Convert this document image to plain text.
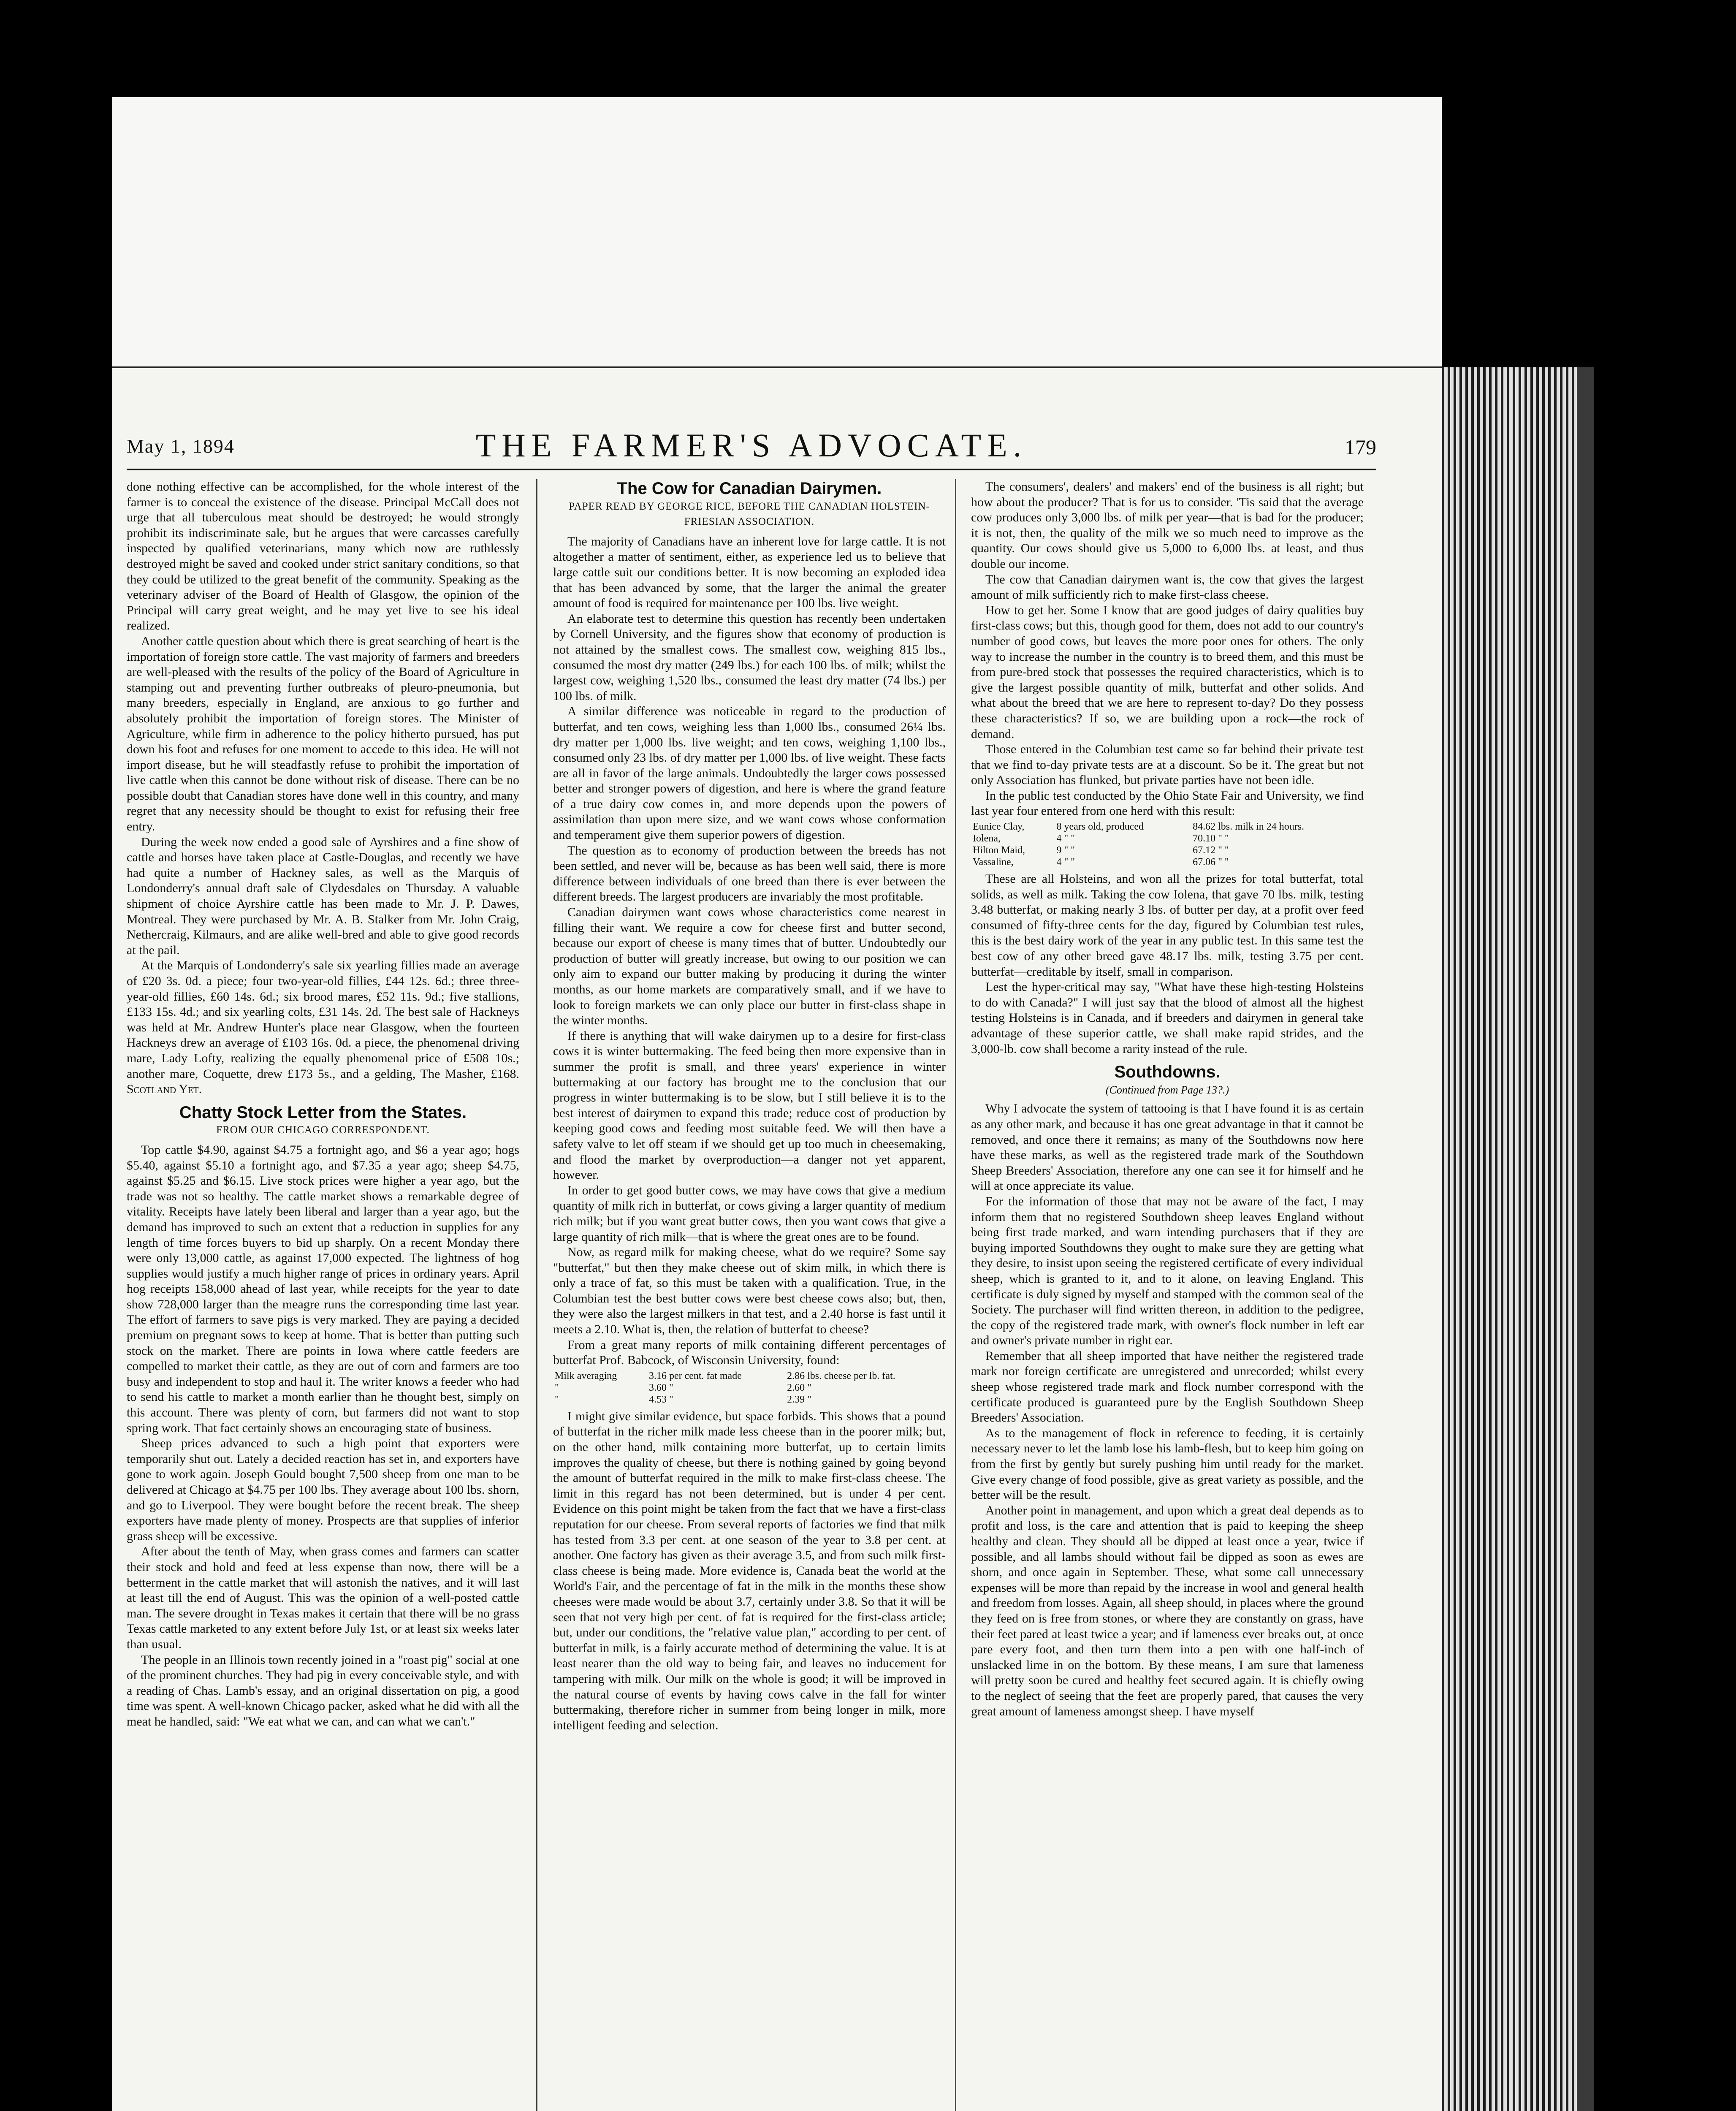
May 1, 1894	THE FARMER'S ADVOCATE.	179

done nothing effective can be accomplished, for the whole interest of the farmer is to conceal the existence of the disease. Principal McCall does not urge that all tuberculous meat should be destroyed; he would strongly prohibit its indiscriminate sale, but he argues that were carcasses carefully inspected by qualified veterinarians, many which now are ruthlessly destroyed might be saved and cooked under strict sanitary conditions, so that they could be utilized to the great benefit of the community. Speaking as the veterinary adviser of the Board of Health of Glasgow, the opinion of the Principal will carry great weight, and he may yet live to see his ideal realized.

Another cattle question about which there is great searching of heart is the importation of foreign store cattle. The vast majority of farmers and breeders are well-pleased with the results of the policy of the Board of Agriculture in stamping out and preventing further outbreaks of pleuro-pneumonia, but many breeders, especially in England, are anxious to go further and absolutely prohibit the importation of foreign stores. The Minister of Agriculture, while firm in adherence to the policy hitherto pursued, has put down his foot and refuses for one moment to accede to this idea. He will not import disease, but he will steadfastly refuse to prohibit the importation of live cattle when this cannot be done without risk of disease. There can be no possible doubt that Canadian stores have done well in this country, and many regret that any necessity should be thought to exist for refusing their free entry.

During the week now ended a good sale of Ayrshires and a fine show of cattle and horses have taken place at Castle-Douglas, and recently we have had quite a number of Hackney sales, as well as the Marquis of Londonderry's annual draft sale of Clydesdales on Thursday. A valuable shipment of choice Ayrshire cattle has been made to Mr. J. P. Dawes, Montreal. They were purchased by Mr. A. B. Stalker from Mr. John Craig, Nethercraig, Kilmaurs, and are alike well-bred and able to give good records at the pail.

At the Marquis of Londonderry's sale six yearling fillies made an average of £20 3s. 0d. a piece; four two-year-old fillies, £44 12s. 6d.; three three-year-old fillies, £60 14s. 6d.; six brood mares, £52 11s. 9d.; five stallions, £133 15s. 4d.; and six yearling colts, £31 14s. 2d. The best sale of Hackneys was held at Mr. Andrew Hunter's place near Glasgow, when the fourteen Hackneys drew an average of £103 16s. 0d. a piece, the phenomenal driving mare, Lady Lofty, realizing the equally phenomenal price of £508 10s.; another mare, Coquette, drew £173 5s., and a gelding, The Masher, £168. Scotland Yet.

Chatty Stock Letter from the States.

FROM OUR CHICAGO CORRESPONDENT.

Top cattle $4.90, against $4.75 a fortnight ago, and $6 a year ago; hogs $5.40, against $5.10 a fortnight ago, and $7.35 a year ago; sheep $4.75, against $5.25 and $6.15. Live stock prices were higher a year ago, but the trade was not so healthy. The cattle market shows a remarkable degree of vitality. Receipts have lately been liberal and larger than a year ago, but the demand has improved to such an extent that a reduction in supplies for any length of time forces buyers to bid up sharply. On a recent Monday there were only 13,000 cattle, as against 17,000 expected. The lightness of hog supplies would justify a much higher range of prices in ordinary years. April hog receipts 158,000 ahead of last year, while receipts for the year to date show 728,000 larger than the meagre runs the corresponding time last year. The effort of farmers to save pigs is very marked. They are paying a decided premium on pregnant sows to keep at home. That is better than putting such stock on the market. There are points in Iowa where cattle feeders are compelled to market their cattle, as they are out of corn and farmers are too busy and independent to stop and haul it. The writer knows a feeder who had to send his cattle to market a month earlier than he thought best, simply on this account. There was plenty of corn, but farmers did not want to stop spring work. That fact certainly shows an encouraging state of business.

Sheep prices advanced to such a high point that exporters were temporarily shut out. Lately a decided reaction has set in, and exporters have gone to work again. Joseph Gould bought 7,500 sheep from one man to be delivered at Chicago at $4.75 per 100 lbs. They average about 100 lbs. shorn, and go to Liverpool. They were bought before the recent break. The sheep exporters have made plenty of money. Prospects are that supplies of inferior grass sheep will be excessive.

After about the tenth of May, when grass comes and farmers can scatter their stock and hold and feed at less expense than now, there will be a betterment in the cattle market that will astonish the natives, and it will last at least till the end of August. This was the opinion of a well-posted cattle man. The severe drought in Texas makes it certain that there will be no grass Texas cattle marketed to any extent before July 1st, or at least six weeks later than usual.

The people in an Illinois town recently joined in a "roast pig" social at one of the prominent churches. They had pig in every conceivable style, and with a reading of Chas. Lamb's essay, and an original dissertation on pig, a good time was spent. A well-known Chicago packer, asked what he did with all the meat he handled, said: "We eat what we can, and can what we can't."

The Cow for Canadian Dairymen.

PAPER READ BY GEORGE RICE, BEFORE THE CANADIAN HOLSTEIN-FRIESIAN ASSOCIATION.

The majority of Canadians have an inherent love for large cattle. It is not altogether a matter of sentiment, either, as experience led us to believe that large cattle suit our conditions better. It is now becoming an exploded idea that has been advanced by some, that the larger the animal the greater amount of food is required for maintenance per 100 lbs. live weight.

An elaborate test to determine this question has recently been undertaken by Cornell University, and the figures show that economy of production is not attained by the smallest cows. The smallest cow, weighing 815 lbs., consumed the most dry matter (249 lbs.) for each 100 lbs. of milk; whilst the largest cow, weighing 1,520 lbs., consumed the least dry matter (74 lbs.) per 100 lbs. of milk.

A similar difference was noticeable in regard to the production of butterfat, and ten cows, weighing less than 1,000 lbs., consumed 26¼ lbs. dry matter per 1,000 lbs. live weight; and ten cows, weighing 1,100 lbs., consumed only 23 lbs. of dry matter per 1,000 lbs. of live weight. These facts are all in favor of the large animals. Undoubtedly the larger cows possessed better and stronger powers of digestion, and here is where the grand feature of a true dairy cow comes in, and more depends upon the powers of assimilation than upon mere size, and we want cows whose conformation and temperament give them superior powers of digestion.

The question as to economy of production between the breeds has not been settled, and never will be, because as has been well said, there is more difference between individuals of one breed than there is ever between the different breeds. The largest producers are invariably the most profitable.

Canadian dairymen want cows whose characteristics come nearest in filling their want. We require a cow for cheese first and butter second, because our export of cheese is many times that of butter. Undoubtedly our production of butter will greatly increase, but owing to our position we can only aim to expand our butter making by producing it during the winter months, as our home markets are comparatively small, and if we have to look to foreign markets we can only place our butter in first-class shape in the winter months.

If there is anything that will wake dairymen up to a desire for first-class cows it is winter buttermaking. The feed being then more expensive than in summer the profit is small, and three years' experience in winter buttermaking at our factory has brought me to the conclusion that our progress in winter buttermaking is to be slow, but I still believe it is to the best interest of dairymen to expand this trade; reduce cost of production by keeping good cows and feeding most suitable feed. We will then have a safety valve to let off steam if we should get up too much in cheesemaking, and flood the market by overproduction—a danger not yet apparent, however.

In order to get good butter cows, we may have cows that give a medium quantity of milk rich in butterfat, or cows giving a larger quantity of medium rich milk; but if you want great butter cows, then you want cows that give a large quantity of rich milk—that is where the great ones are to be found.

Now, as regard milk for making cheese, what do we require? Some say "butterfat," but then they make cheese out of skim milk, in which there is only a trace of fat, so this must be taken with a qualification. True, in the Columbian test the best butter cows were best cheese cows also; but, then, they were also the largest milkers in that test, and a 2.40 horse is fast until it meets a 2.10. What is, then, the relation of butterfat to cheese?

From a great many reports of milk containing different percentages of butterfat Prof. Babcock, of Wisconsin University, found:

Milk averaging	3.16 per cent. fat made	2.86 lbs. cheese per lb. fat.
"	3.60 "	2.60 "
"	4.53 "	2.39 "

I might give similar evidence, but space forbids. This shows that a pound of butterfat in the richer milk made less cheese than in the poorer milk; but, on the other hand, milk containing more butterfat, up to certain limits improves the quality of cheese, but there is nothing gained by going beyond the amount of butterfat required in the milk to make first-class cheese. The limit in this regard has not been determined, but is under 4 per cent. Evidence on this point might be taken from the fact that we have a first-class reputation for our cheese. From several reports of factories we find that milk has tested from 3.3 per cent. at one season of the year to 3.8 per cent. at another. One factory has given as their average 3.5, and from such milk first-class cheese is being made. More evidence is, Canada beat the world at the World's Fair, and the percentage of fat in the milk in the months these show cheeses were made would be about 3.7, certainly under 3.8. So that it will be seen that not very high per cent. of fat is required for the first-class article; but, under our conditions, the "relative value plan," according to per cent. of butterfat in milk, is a fairly accurate method of determining the value. It is at least nearer than the old way to being fair, and leaves no inducement for tampering with milk. Our milk on the whole is good; it will be improved in the natural course of events by having cows calve in the fall for winter buttermaking, therefore richer in summer from being longer in milk, more intelligent feeding and selection.

The consumers', dealers' and makers' end of the business is all right; but how about the producer? That is for us to consider. 'Tis said that the average cow produces only 3,000 lbs. of milk per year—that is bad for the producer; it is not, then, the quality of the milk we so much need to improve as the quantity. Our cows should give us 5,000 to 6,000 lbs. at least, and thus double our income.

The cow that Canadian dairymen want is, the cow that gives the largest amount of milk sufficiently rich to make first-class cheese.

How to get her. Some I know that are good judges of dairy qualities buy first-class cows; but this, though good for them, does not add to our country's number of good cows, but leaves the more poor ones for others. The only way to increase the number in the country is to breed them, and this must be from pure-bred stock that possesses the required characteristics, which is to give the largest possible quantity of milk, butterfat and other solids. And what about the breed that we are here to represent to-day? Do they possess these characteristics? If so, we are building upon a rock—the rock of demand.

Those entered in the Columbian test came so far behind their private test that we find to-day private tests are at a discount. So be it. The great but not only Association has flunked, but private parties have not been idle.

In the public test conducted by the Ohio State Fair and University, we find last year four entered from one herd with this result:

Eunice Clay,	8 years old, produced	84.62 lbs. milk in 24 hours.
Iolena,	4 " "	70.10 " "
Hilton Maid,	9 " "	67.12 " "
Vassaline,	4 " "	67.06 " "

These are all Holsteins, and won all the prizes for total butterfat, total solids, as well as milk. Taking the cow Iolena, that gave 70 lbs. milk, testing 3.48 butterfat, or making nearly 3 lbs. of butter per day, at a profit over feed consumed of fifty-three cents for the day, figured by Columbian test rules, this is the best dairy work of the year in any public test. In this same test the best cow of any other breed gave 48.17 lbs. milk, testing 3.75 per cent. butterfat—creditable by itself, small in comparison.

Lest the hyper-critical may say, "What have these high-testing Holsteins to do with Canada?" I will just say that the blood of almost all the highest testing Holsteins is in Canada, and if breeders and dairymen in general take advantage of these superior cattle, we shall make rapid strides, and the 3,000-lb. cow shall become a rarity instead of the rule.

Southdowns.

(Continued from Page 13?.)

Why I advocate the system of tattooing is that I have found it is as certain as any other mark, and because it has one great advantage in that it cannot be removed, and once there it remains; as many of the Southdowns now here have these marks, as well as the registered trade mark of the Southdown Sheep Breeders' Association, therefore any one can see it for himself and he will at once appreciate its value.

For the information of those that may not be aware of the fact, I may inform them that no registered Southdown sheep leaves England without being first trade marked, and warn intending purchasers that if they are buying imported Southdowns they ought to make sure they are getting what they desire, to insist upon seeing the registered certificate of every individual sheep, which is granted to it, and to it alone, on leaving England. This certificate is duly signed by myself and stamped with the common seal of the Society. The purchaser will find written thereon, in addition to the pedigree, the copy of the registered trade mark, with owner's flock number in left ear and owner's private number in right ear.

Remember that all sheep imported that have neither the registered trade mark nor foreign certificate are unregistered and unrecorded; whilst every sheep whose registered trade mark and flock number correspond with the certificate produced is guaranteed pure by the English Southdown Sheep Breeders' Association.

As to the management of flock in reference to feeding, it is certainly necessary never to let the lamb lose his lamb-flesh, but to keep him going on from the first by gently but surely pushing him until ready for the market. Give every change of food possible, give as great variety as possible, and the better will be the result.

Another point in management, and upon which a great deal depends as to profit and loss, is the care and attention that is paid to keeping the sheep healthy and clean. They should all be dipped at least once a year, twice if possible, and all lambs should without fail be dipped as soon as ewes are shorn, and once again in September. These, what some call unnecessary expenses will be more than repaid by the increase in wool and general health and freedom from losses. Again, all sheep should, in places where the ground they feed on is free from stones, or where they are constantly on grass, have their feet pared at least twice a year; and if lameness ever breaks out, at once pare every foot, and then turn them into a pen with one half-inch of unslacked lime in on the bottom. By these means, I am sure that lameness will pretty soon be cured and healthy feet secured again. It is chiefly owing to the neglect of seeing that the feet are properly pared, that causes the very great amount of lameness amongst sheep. I have myself
